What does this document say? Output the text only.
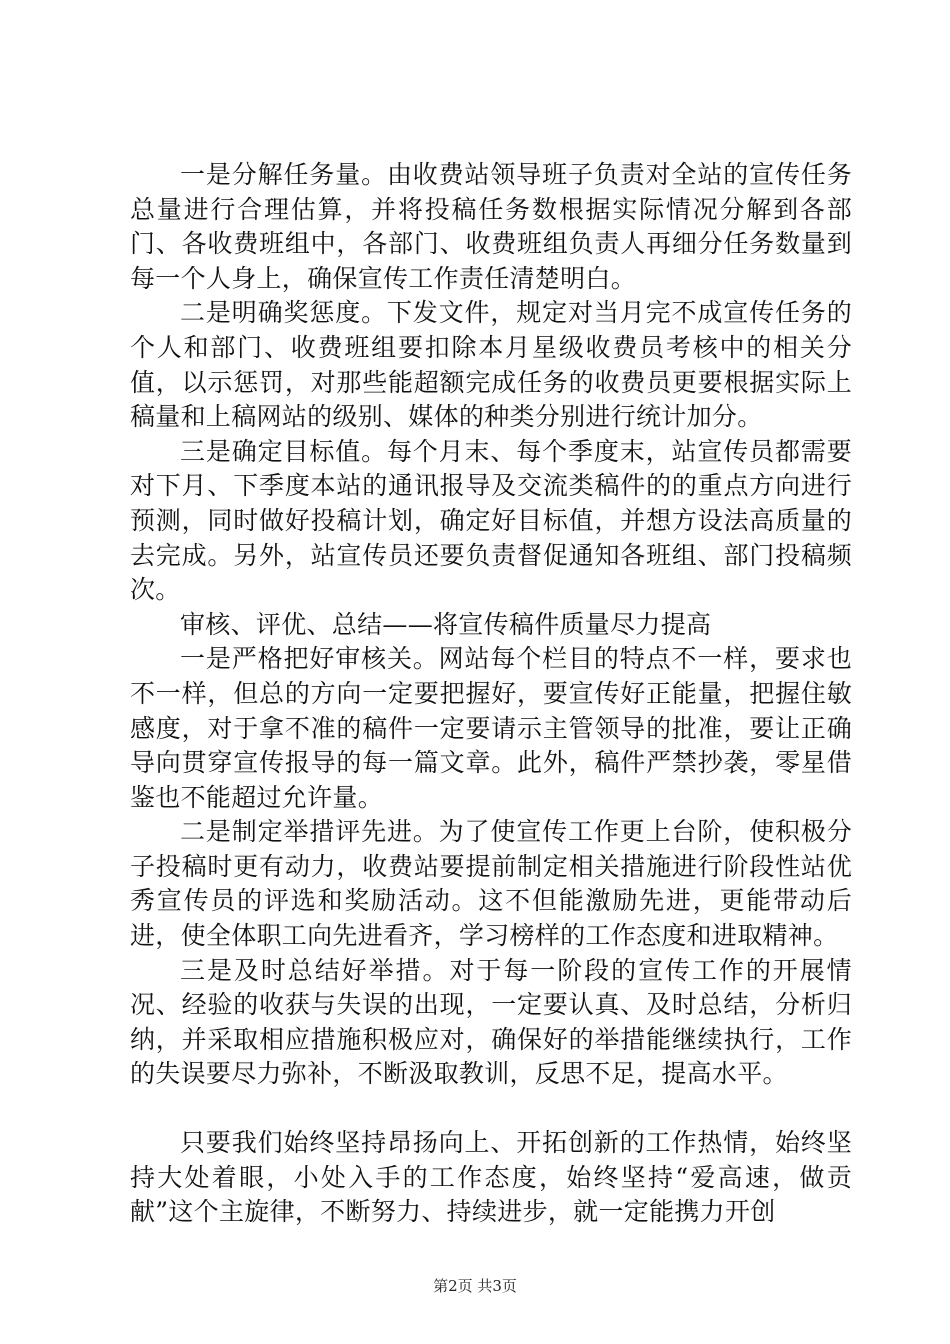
一是分解任务量。由收费站领导班子负责对全站的宣传任务总量进行合理估算，并将投稿任务数根据实际情况分解到各部门、各收费班组中，各部门、收费班组负责人再细分任务数量到每一个人身上，确保宣传工作责任清楚明白。

二是明确奖惩度。下发文件，规定对当月完不成宣传任务的个人和部门、收费班组要扣除本月星级收费员考核中的相关分值，以示惩罚，对那些能超额完成任务的收费员更要根据实际上稿量和上稿网站的级别、媒体的种类分别进行统计加分。

三是确定目标值。每个月末、每个季度末，站宣传员都需要对下月、下季度本站的通讯报导及交流类稿件的的重点方向进行预测，同时做好投稿计划，确定好目标值，并想方设法高质量的去完成。另外，站宣传员还要负责督促通知各班组、部门投稿频次。

审核、评优、总结——将宣传稿件质量尽力提高

一是严格把好审核关。网站每个栏目的特点不一样，要求也不一样，但总的方向一定要把握好，要宣传好正能量，把握住敏感度，对于拿不准的稿件一定要请示主管领导的批准，要让正确导向贯穿宣传报导的每一篇文章。此外，稿件严禁抄袭，零星借鉴也不能超过允许量。

二是制定举措评先进。为了使宣传工作更上台阶，使积极分子投稿时更有动力，收费站要提前制定相关措施进行阶段性站优秀宣传员的评选和奖励活动。这不但能激励先进，更能带动后进，使全体职工向先进看齐，学习榜样的工作态度和进取精神。

三是及时总结好举措。对于每一阶段的宣传工作的开展情况、经验的收获与失误的出现，一定要认真、及时总结，分析归纳，并采取相应措施积极应对，确保好的举措能继续执行，工作的失误要尽力弥补，不断汲取教训，反思不足，提高水平。

只要我们始终坚持昂扬向上、开拓创新的工作热情，始终坚持大处着眼，小处入手的工作态度，始终坚持“爱高速，做贡献”这个主旋律，不断努力、持续进步，就一定能携力开创

第2页 共3页
